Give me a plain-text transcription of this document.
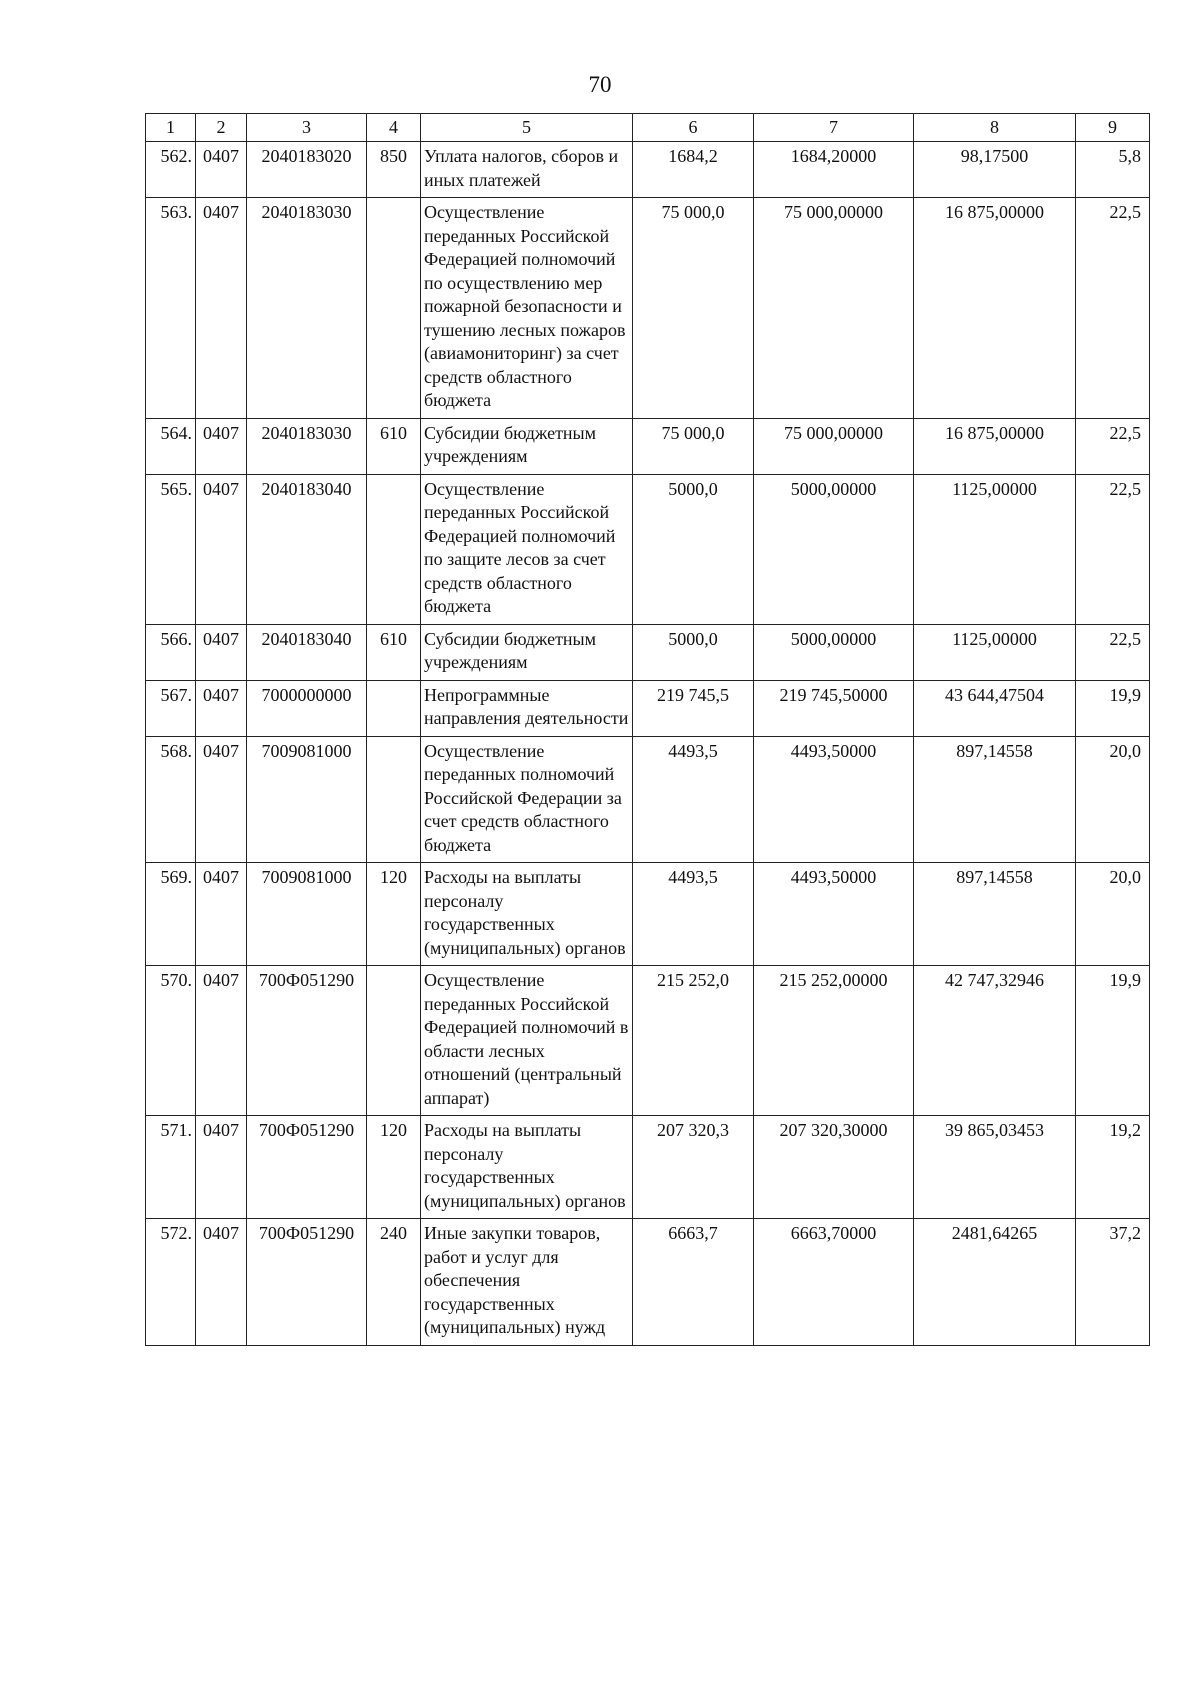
70
1	2	3	4	5	6	7	8	9
562.	0407	2040183020	850	Уплата налогов, сборов и иных платежей	1684,2	1684,20000	98,17500	5,8
563.	0407	2040183030		Осуществление переданных Российской Федерацией полномочий по осуществлению мер пожарной безопасности и тушению лесных пожаров (авиамониторинг) за счет средств областного бюджета	75 000,0	75 000,00000	16 875,00000	22,5
564.	0407	2040183030	610	Субсидии бюджетным учреждениям	75 000,0	75 000,00000	16 875,00000	22,5
565.	0407	2040183040		Осуществление переданных Российской Федерацией полномочий по защите лесов за счет средств областного бюджета	5000,0	5000,00000	1125,00000	22,5
566.	0407	2040183040	610	Субсидии бюджетным учреждениям	5000,0	5000,00000	1125,00000	22,5
567.	0407	7000000000		Непрограммные направления деятельности	219 745,5	219 745,50000	43 644,47504	19,9
568.	0407	7009081000		Осуществление переданных полномочий Российской Федерации за счет средств областного бюджета	4493,5	4493,50000	897,14558	20,0
569.	0407	7009081000	120	Расходы на выплаты персоналу государственных (муниципальных) органов	4493,5	4493,50000	897,14558	20,0
570.	0407	700Ф051290		Осуществление переданных Российской Федерацией полномочий в области лесных отношений (центральный аппарат)	215 252,0	215 252,00000	42 747,32946	19,9
571.	0407	700Ф051290	120	Расходы на выплаты персоналу государственных (муниципальных) органов	207 320,3	207 320,30000	39 865,03453	19,2
572.	0407	700Ф051290	240	Иные закупки товаров, работ и услуг для обеспечения государственных (муниципальных) нужд	6663,7	6663,70000	2481,64265	37,2
